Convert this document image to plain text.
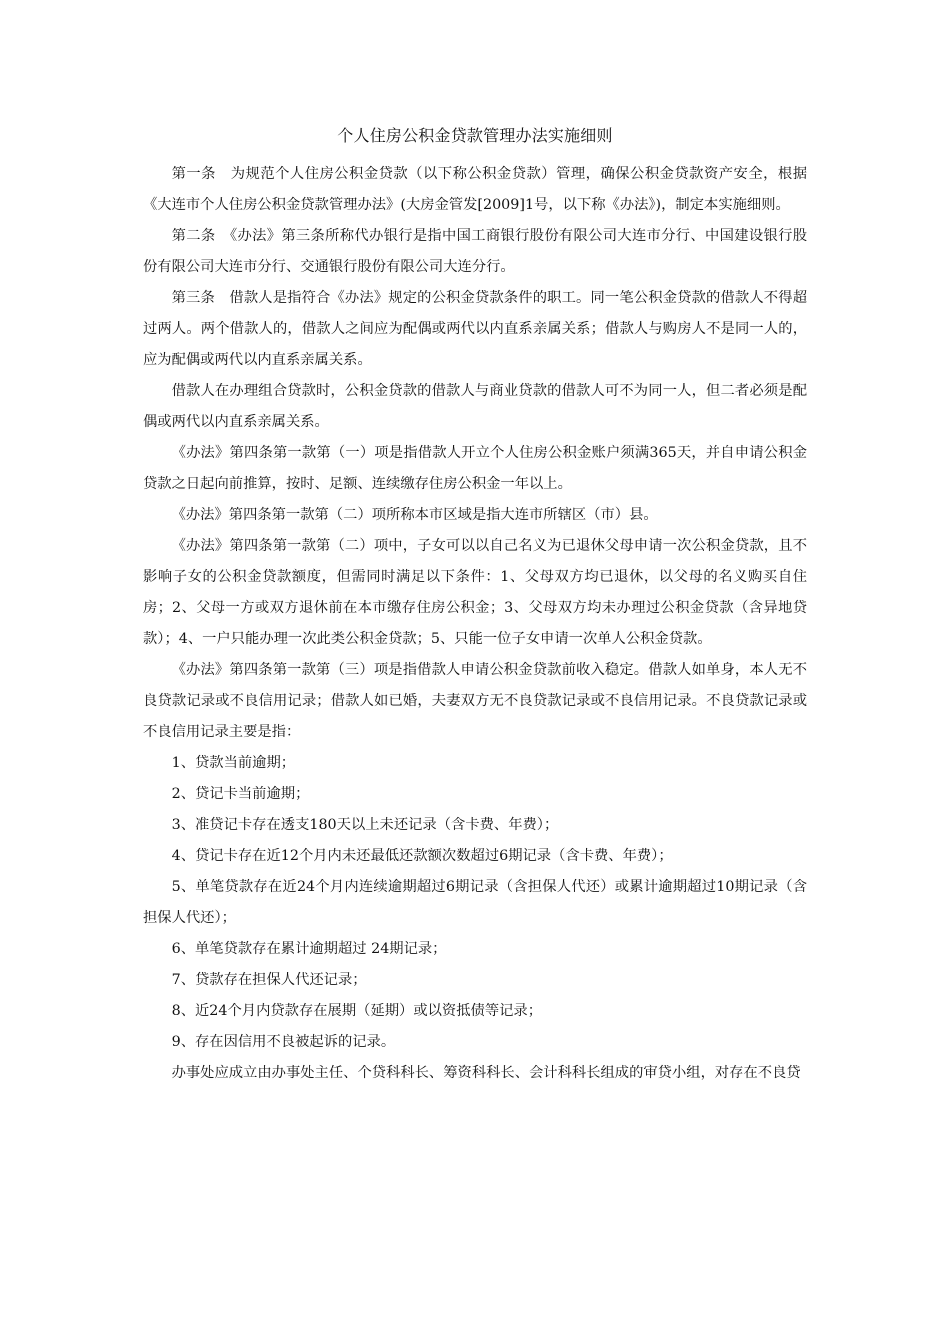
个人住房公积金贷款管理办法实施细则

第一条　为规范个人住房公积金贷款（以下称公积金贷款）管理，确保公积金贷款资产安全，根据《大连市个人住房公积金贷款管理办法》(大房金管发[2009]1号，以下称《办法》)，制定本实施细则。

第二条　《办法》第三条所称代办银行是指中国工商银行股份有限公司大连市分行、中国建设银行股份有限公司大连市分行、交通银行股份有限公司大连分行。

第三条　借款人是指符合《办法》规定的公积金贷款条件的职工。同一笔公积金贷款的借款人不得超过两人。两个借款人的，借款人之间应为配偶或两代以内直系亲属关系；借款人与购房人不是同一人的，应为配偶或两代以内直系亲属关系。

借款人在办理组合贷款时，公积金贷款的借款人与商业贷款的借款人可不为同一人，但二者必须是配偶或两代以内直系亲属关系。

《办法》第四条第一款第（一）项是指借款人开立个人住房公积金账户须满365天，并自申请公积金贷款之日起向前推算，按时、足额、连续缴存住房公积金一年以上。

《办法》第四条第一款第（二）项所称本市区域是指大连市所辖区（市）县。

《办法》第四条第一款第（二）项中，子女可以以自己名义为已退休父母申请一次公积金贷款，且不影响子女的公积金贷款额度，但需同时满足以下条件：1、父母双方均已退休，以父母的名义购买自住房；2、父母一方或双方退休前在本市缴存住房公积金；3、父母双方均未办理过公积金贷款（含异地贷款）；4、一户只能办理一次此类公积金贷款；5、只能一位子女申请一次单人公积金贷款。

《办法》第四条第一款第（三）项是指借款人申请公积金贷款前收入稳定。借款人如单身，本人无不良贷款记录或不良信用记录；借款人如已婚，夫妻双方无不良贷款记录或不良信用记录。不良贷款记录或不良信用记录主要是指：

1、贷款当前逾期；

2、贷记卡当前逾期；

3、准贷记卡存在透支180天以上未还记录（含卡费、年费）；

4、贷记卡存在近12个月内未还最低还款额次数超过6期记录（含卡费、年费）；

5、单笔贷款存在近24个月内连续逾期超过6期记录（含担保人代还）或累计逾期超过10期记录（含担保人代还）；

6、单笔贷款存在累计逾期超过 24期记录；

7、贷款存在担保人代还记录；

8、近24个月内贷款存在展期（延期）或以资抵债等记录；

9、存在因信用不良被起诉的记录。

办事处应成立由办事处主任、个贷科科长、筹资科科长、会计科科长组成的审贷小组，对存在不良贷
